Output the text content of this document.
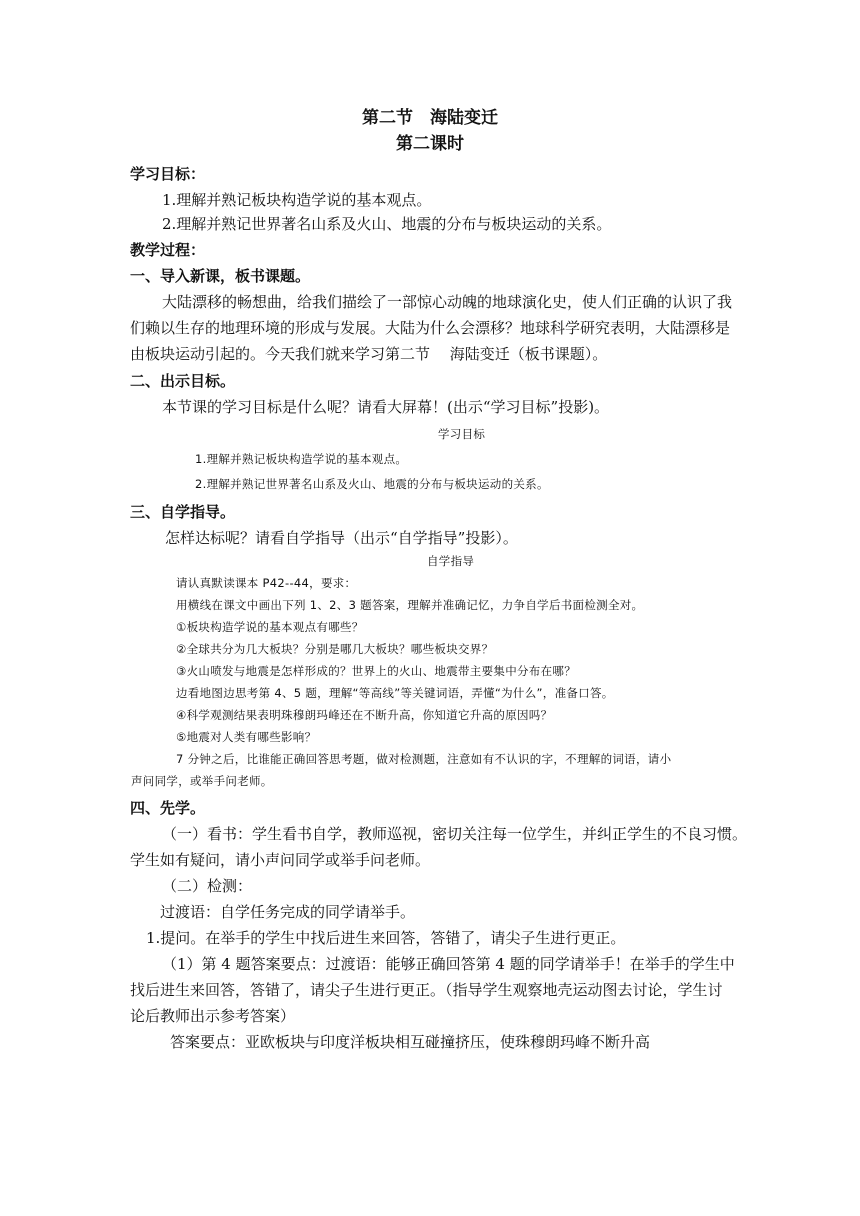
第二节　海陆变迁
第二课时
学习目标：
1.理解并熟记板块构造学说的基本观点。
2.理解并熟记世界著名山系及火山、地震的分布与板块运动的关系。
教学过程：
一、导入新课，板书课题。
大陆漂移的畅想曲，给我们描绘了一部惊心动魄的地球演化史，使人们正确的认识了我
们赖以生存的地理环境的形成与发展。大陆为什么会漂移？地球科学研究表明，大陆漂移是
由板块运动引起的。今天我们就来学习第二节　 海陆变迁（板书课题）。
二、出示目标。
本节课的学习目标是什么呢？请看大屏幕！(出示“学习目标”投影)。
学习目标
1.理解并熟记板块构造学说的基本观点。
2.理解并熟记世界著名山系及火山、地震的分布与板块运动的关系。
三、自学指导。
怎样达标呢？请看自学指导（出示“自学指导”投影）。
自学指导
请认真默读课本 P42--44，要求：
用横线在课文中画出下列 1、2、3 题答案，理解并准确记忆，力争自学后书面检测全对。
①板块构造学说的基本观点有哪些？
②全球共分为几大板块？分别是哪几大板块？哪些板块交界？
③火山喷发与地震是怎样形成的？世界上的火山、地震带主要集中分布在哪？
边看地图边思考第 4、5 题，理解“等高线”等关键词语，弄懂“为什么”，准备口答。
④科学观测结果表明珠穆朗玛峰还在不断升高，你知道它升高的原因吗？
⑤地震对人类有哪些影响？
7 分钟之后，比谁能正确回答思考题，做对检测题，注意如有不认识的字，不理解的词语，请小
声问同学，或举手问老师。
四、先学。
（一）看书：学生看书自学，教师巡视，密切关注每一位学生，并纠正学生的不良习惯。
学生如有疑问，请小声问同学或举手问老师。
（二）检测：
过渡语：自学任务完成的同学请举手。
1.提问。在举手的学生中找后进生来回答，答错了，请尖子生进行更正。
（1）第 4 题答案要点：过渡语：能够正确回答第 4 题的同学请举手！在举手的学生中
找后进生来回答，答错了，请尖子生进行更正。（指导学生观察地壳运动图去讨论，学生讨
论后教师出示参考答案）
答案要点：亚欧板块与印度洋板块相互碰撞挤压，使珠穆朗玛峰不断升高
